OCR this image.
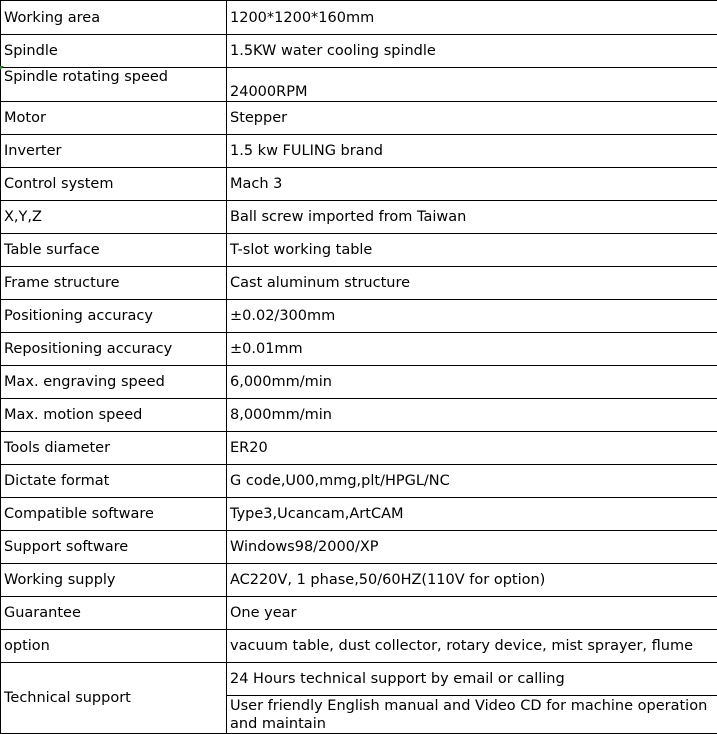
Working area	1200*1200*160mm
Spindle	1.5KW water cooling spindle
Spindle rotating speed	24000RPM
Motor	Stepper
Inverter	1.5 kw FULING brand
Control system	Mach 3
X,Y,Z	Ball screw imported from Taiwan
Table surface	T-slot working table
Frame structure	Cast aluminum structure
Positioning accuracy	±0.02/300mm
Repositioning accuracy	±0.01mm
Max. engraving speed	6,000mm/min
Max. motion speed	8,000mm/min
Tools diameter	ER20
Dictate format	G code,U00,mmg,plt/HPGL/NC
Compatible software	Type3,Ucancam,ArtCAM
Support software	Windows98/2000/XP
Working supply	AC220V, 1 phase,50/60HZ(110V for option)
Guarantee	One year
option	vacuum table, dust collector, rotary device, mist sprayer, flume
Technical support	24 Hours technical support by email or calling
	User friendly English manual and Video CD for machine operation and maintain
